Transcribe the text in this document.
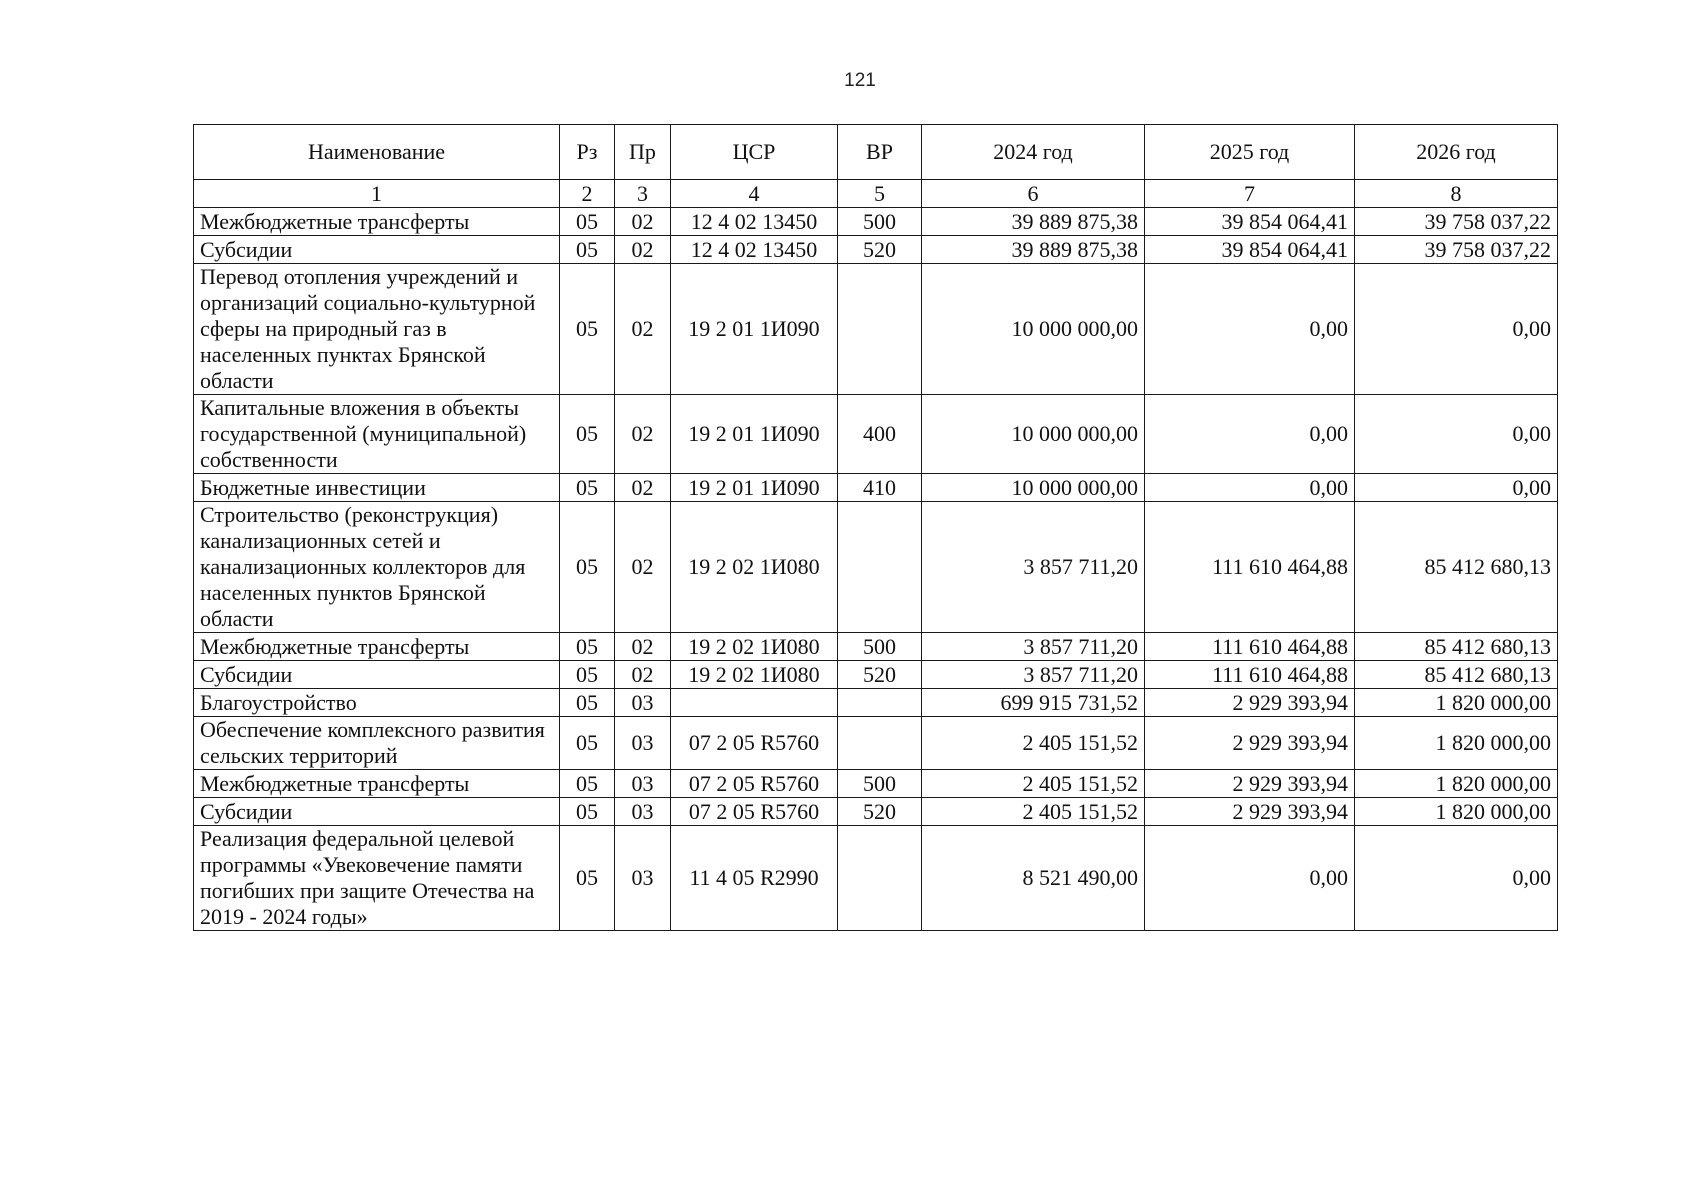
121
Наименование	Рз	Пр	ЦСР	ВР	2024 год	2025 год	2026 год
1	2	3	4	5	6	7	8
Межбюджетные трансферты	05	02	12 4 02 13450	500	39 889 875,38	39 854 064,41	39 758 037,22
Субсидии	05	02	12 4 02 13450	520	39 889 875,38	39 854 064,41	39 758 037,22
Перевод отопления учреждений и организаций социально-культурной сферы на природный газ в населенных пунктах Брянской области	05	02	19 2 01 1И090		10 000 000,00	0,00	0,00
Капитальные вложения в объекты государственной (муниципальной) собственности	05	02	19 2 01 1И090	400	10 000 000,00	0,00	0,00
Бюджетные инвестиции	05	02	19 2 01 1И090	410	10 000 000,00	0,00	0,00
Строительство (реконструкция) канализационных сетей и канализационных коллекторов для населенных пунктов Брянской области	05	02	19 2 02 1И080		3 857 711,20	111 610 464,88	85 412 680,13
Межбюджетные трансферты	05	02	19 2 02 1И080	500	3 857 711,20	111 610 464,88	85 412 680,13
Субсидии	05	02	19 2 02 1И080	520	3 857 711,20	111 610 464,88	85 412 680,13
Благоустройство	05	03			699 915 731,52	2 929 393,94	1 820 000,00
Обеспечение комплексного развития сельских территорий	05	03	07 2 05 R5760		2 405 151,52	2 929 393,94	1 820 000,00
Межбюджетные трансферты	05	03	07 2 05 R5760	500	2 405 151,52	2 929 393,94	1 820 000,00
Субсидии	05	03	07 2 05 R5760	520	2 405 151,52	2 929 393,94	1 820 000,00
Реализация федеральной целевой программы «Увековечение памяти погибших при защите Отечества на 2019 - 2024 годы»	05	03	11 4 05 R2990		8 521 490,00	0,00	0,00
